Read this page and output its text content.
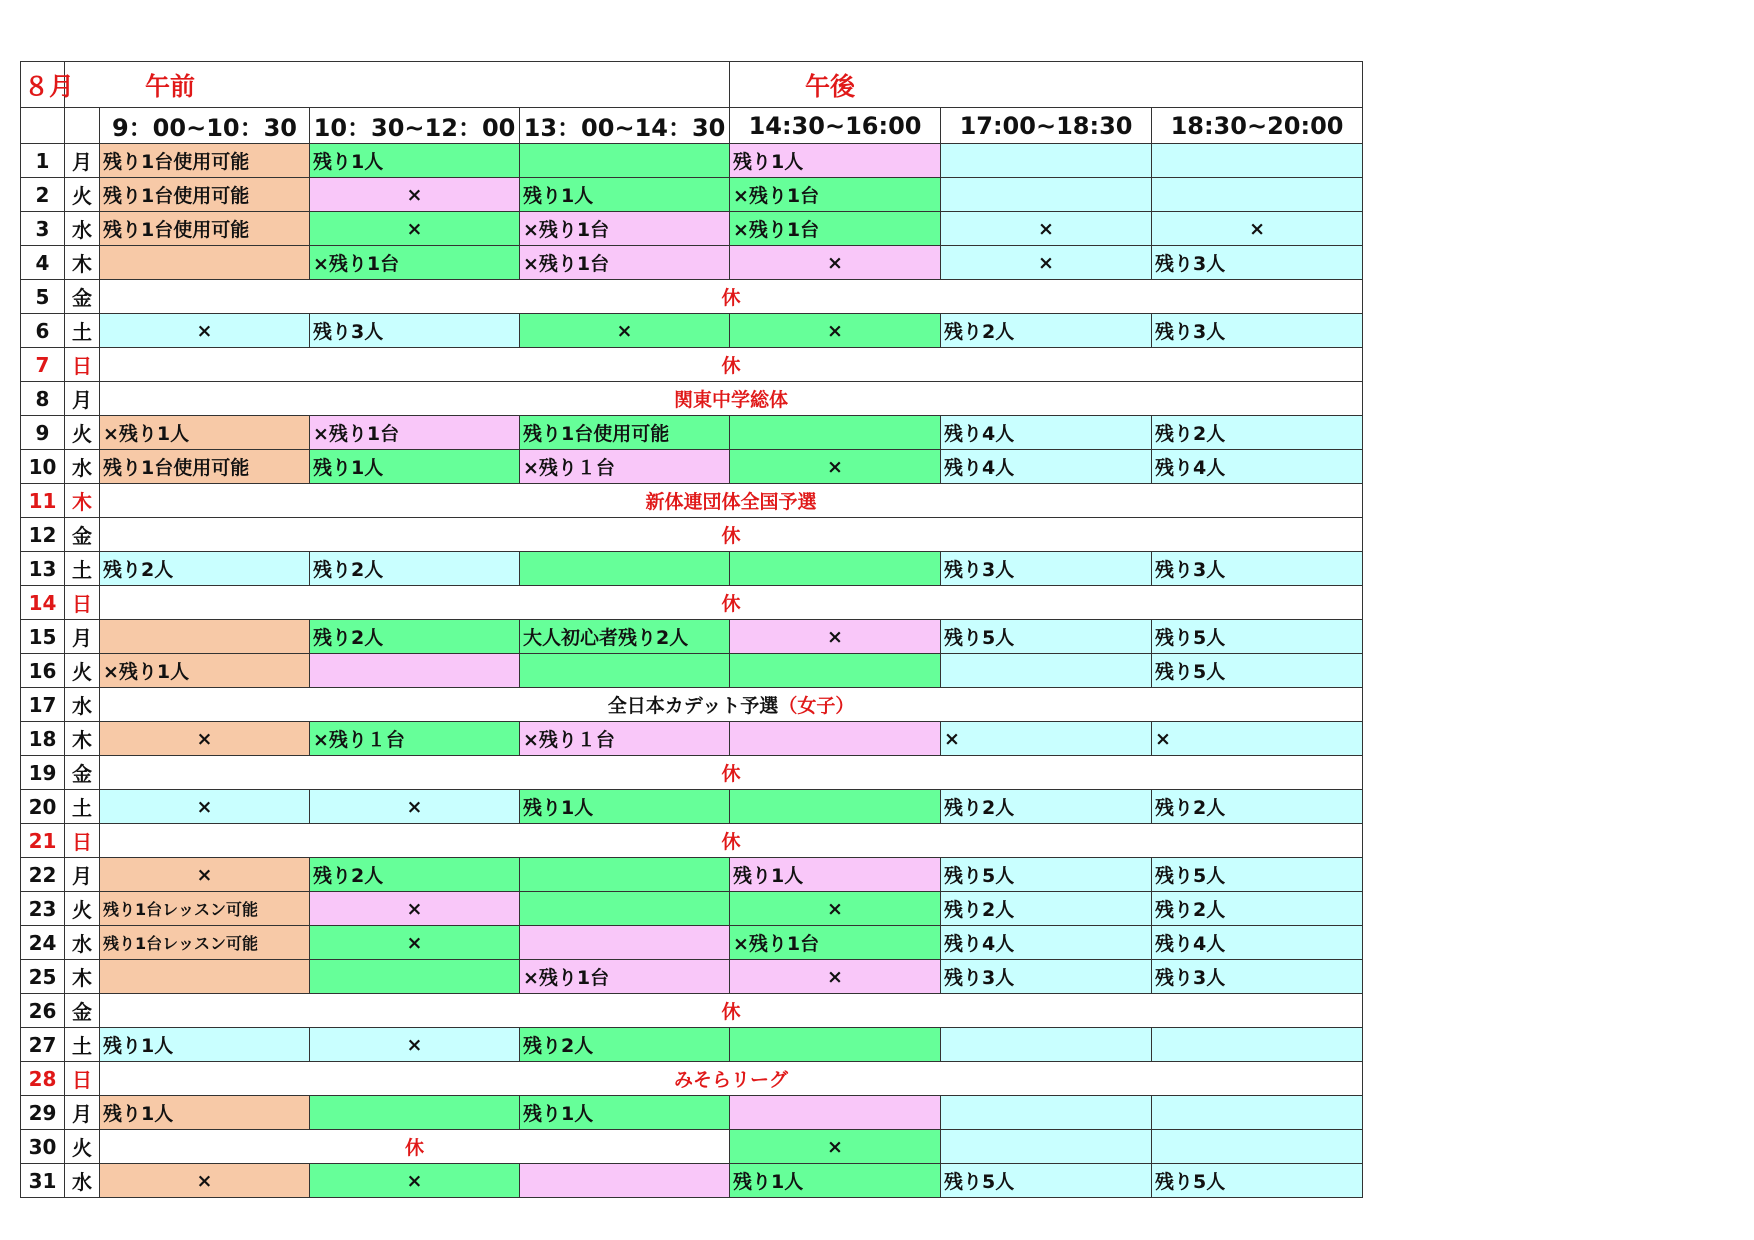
８月	午前				午後		
		9：00~10：30	10：30~12：00	13：00~14：30	14:30~16:00	17:00~18:30	18:30~20:00
1	月	残り1台使用可能	残り1人		残り1人		
2	火	残り1台使用可能	×	残り1人	×残り1台		
3	水	残り1台使用可能	×	×残り1台	×残り1台	×	×
4	木		×残り1台	×残り1台	×	×	残り3人
5	金	休					
6	土	×	残り3人	×	×	残り2人	残り3人
7	日	休					
8	月	関東中学総体					
9	火	×残り1人	×残り1台	残り1台使用可能		残り4人	残り2人
10	水	残り1台使用可能	残り1人	×残り１台	×	残り4人	残り4人
11	木	新体連団体全国予選					
12	金	休					
13	土	残り2人	残り2人			残り3人	残り3人
14	日	休					
15	月		残り2人	大人初心者残り2人	×	残り5人	残り5人
16	火	×残り1人					残り5人
17	水	全日本カデット予選（女子）					
18	木	×	×残り１台	×残り１台		×	×
19	金	休					
20	土	×	×	残り1人		残り2人	残り2人
21	日	休					
22	月	×	残り2人		残り1人	残り5人	残り5人
23	火	残り1台レッスン可能	×		×	残り2人	残り2人
24	水	残り1台レッスン可能	×		×残り1台	残り4人	残り4人
25	木			×残り1台	×	残り3人	残り3人
26	金	休					
27	土	残り1人	×	残り2人			
28	日	みそらリーグ					
29	月	残り1人		残り1人			
30	火	休			×		
31	水	×	×		残り1人	残り5人	残り5人
